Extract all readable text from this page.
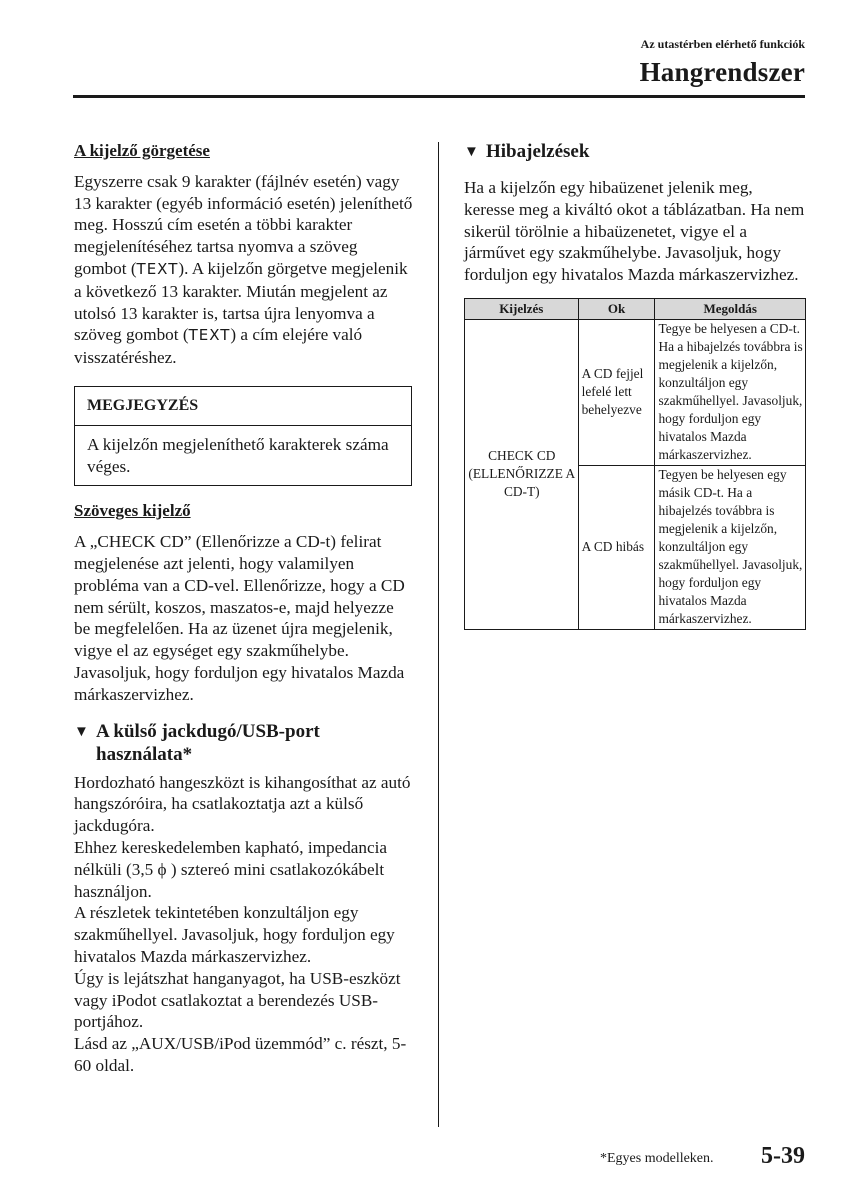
Az utastérben elérhető funkciók
Hangrendszer
A kijelző görgetése

Egyszerre csak 9 karakter (fájlnév esetén) vagy 13 karakter (egyéb információ esetén) jeleníthető meg. Hosszú cím esetén a többi karakter megjelenítéséhez tartsa nyomva a szöveg gombot (TEXT). A kijelzőn görgetve megjelenik a következő 13 karakter. Miután megjelent az utolsó 13 karakter is, tartsa újra lenyomva a szöveg gombot (TEXT) a cím elejére való visszatéréshez.

MEGJEGYZÉS
A kijelzőn megjeleníthető karakterek száma véges.
Szöveges kijelző

A „CHECK CD” (Ellenőrizze a CD-t) felirat megjelenése azt jelenti, hogy valamilyen probléma van a CD-vel. Ellenőrizze, hogy a CD nem sérült, koszos, maszatos-e, majd helyezze be megfelelően. Ha az üzenet újra megjelenik, vigye el az egységet egy szakműhelybe. Javasoljuk, hogy forduljon egy hivatalos Mazda márkaszervizhez.

▼ A külső jackdugó/USB-port használata*

Hordozható hangeszközt is kihangosíthat az autó hangszóróira, ha csatlakoztatja azt a külső jackdugóra.

Ehhez kereskedelemben kapható, impedancia nélküli (3,5 ϕ ) sztereó mini csatlakozókábelt használjon.

A részletek tekintetében konzultáljon egy szakműhellyel. Javasoljuk, hogy forduljon egy hivatalos Mazda márkaszervizhez.

Úgy is lejátszhat hanganyagot, ha USB-eszközt vagy iPodot csatlakoztat a berendezés USB-portjához.

Lásd az „AUX/USB/iPod üzemmód” c. részt, 5-60 oldal.

▼ Hibajelzések

Ha a kijelzőn egy hibaüzenet jelenik meg, keresse meg a kiváltó okot a táblázatban. Ha nem sikerül törölnie a hibaüzenetet, vigye el a járművet egy szakműhelybe. Javasoljuk, hogy forduljon egy hivatalos Mazda márkaszervizhez.

Kijelzés	Ok	Megoldás
CHECK CD (ELLENŐRIZZE A CD-T)	A CD fejjel lefelé lett behelyezve	Tegye be helyesen a CD-t. Ha a hibajelzés továbbra is megjelenik a kijelzőn, konzultáljon egy szakműhellyel. Javasoljuk, hogy forduljon egy hivatalos Mazda márkaszervizhez.
	A CD hibás	Tegyen be helyesen egy másik CD-t. Ha a hibajelzés továbbra is megjelenik a kijelzőn, konzultáljon egy szakműhellyel. Javasoljuk, hogy forduljon egy hivatalos Mazda márkaszervizhez.
*Egyes modelleken. 5-39
